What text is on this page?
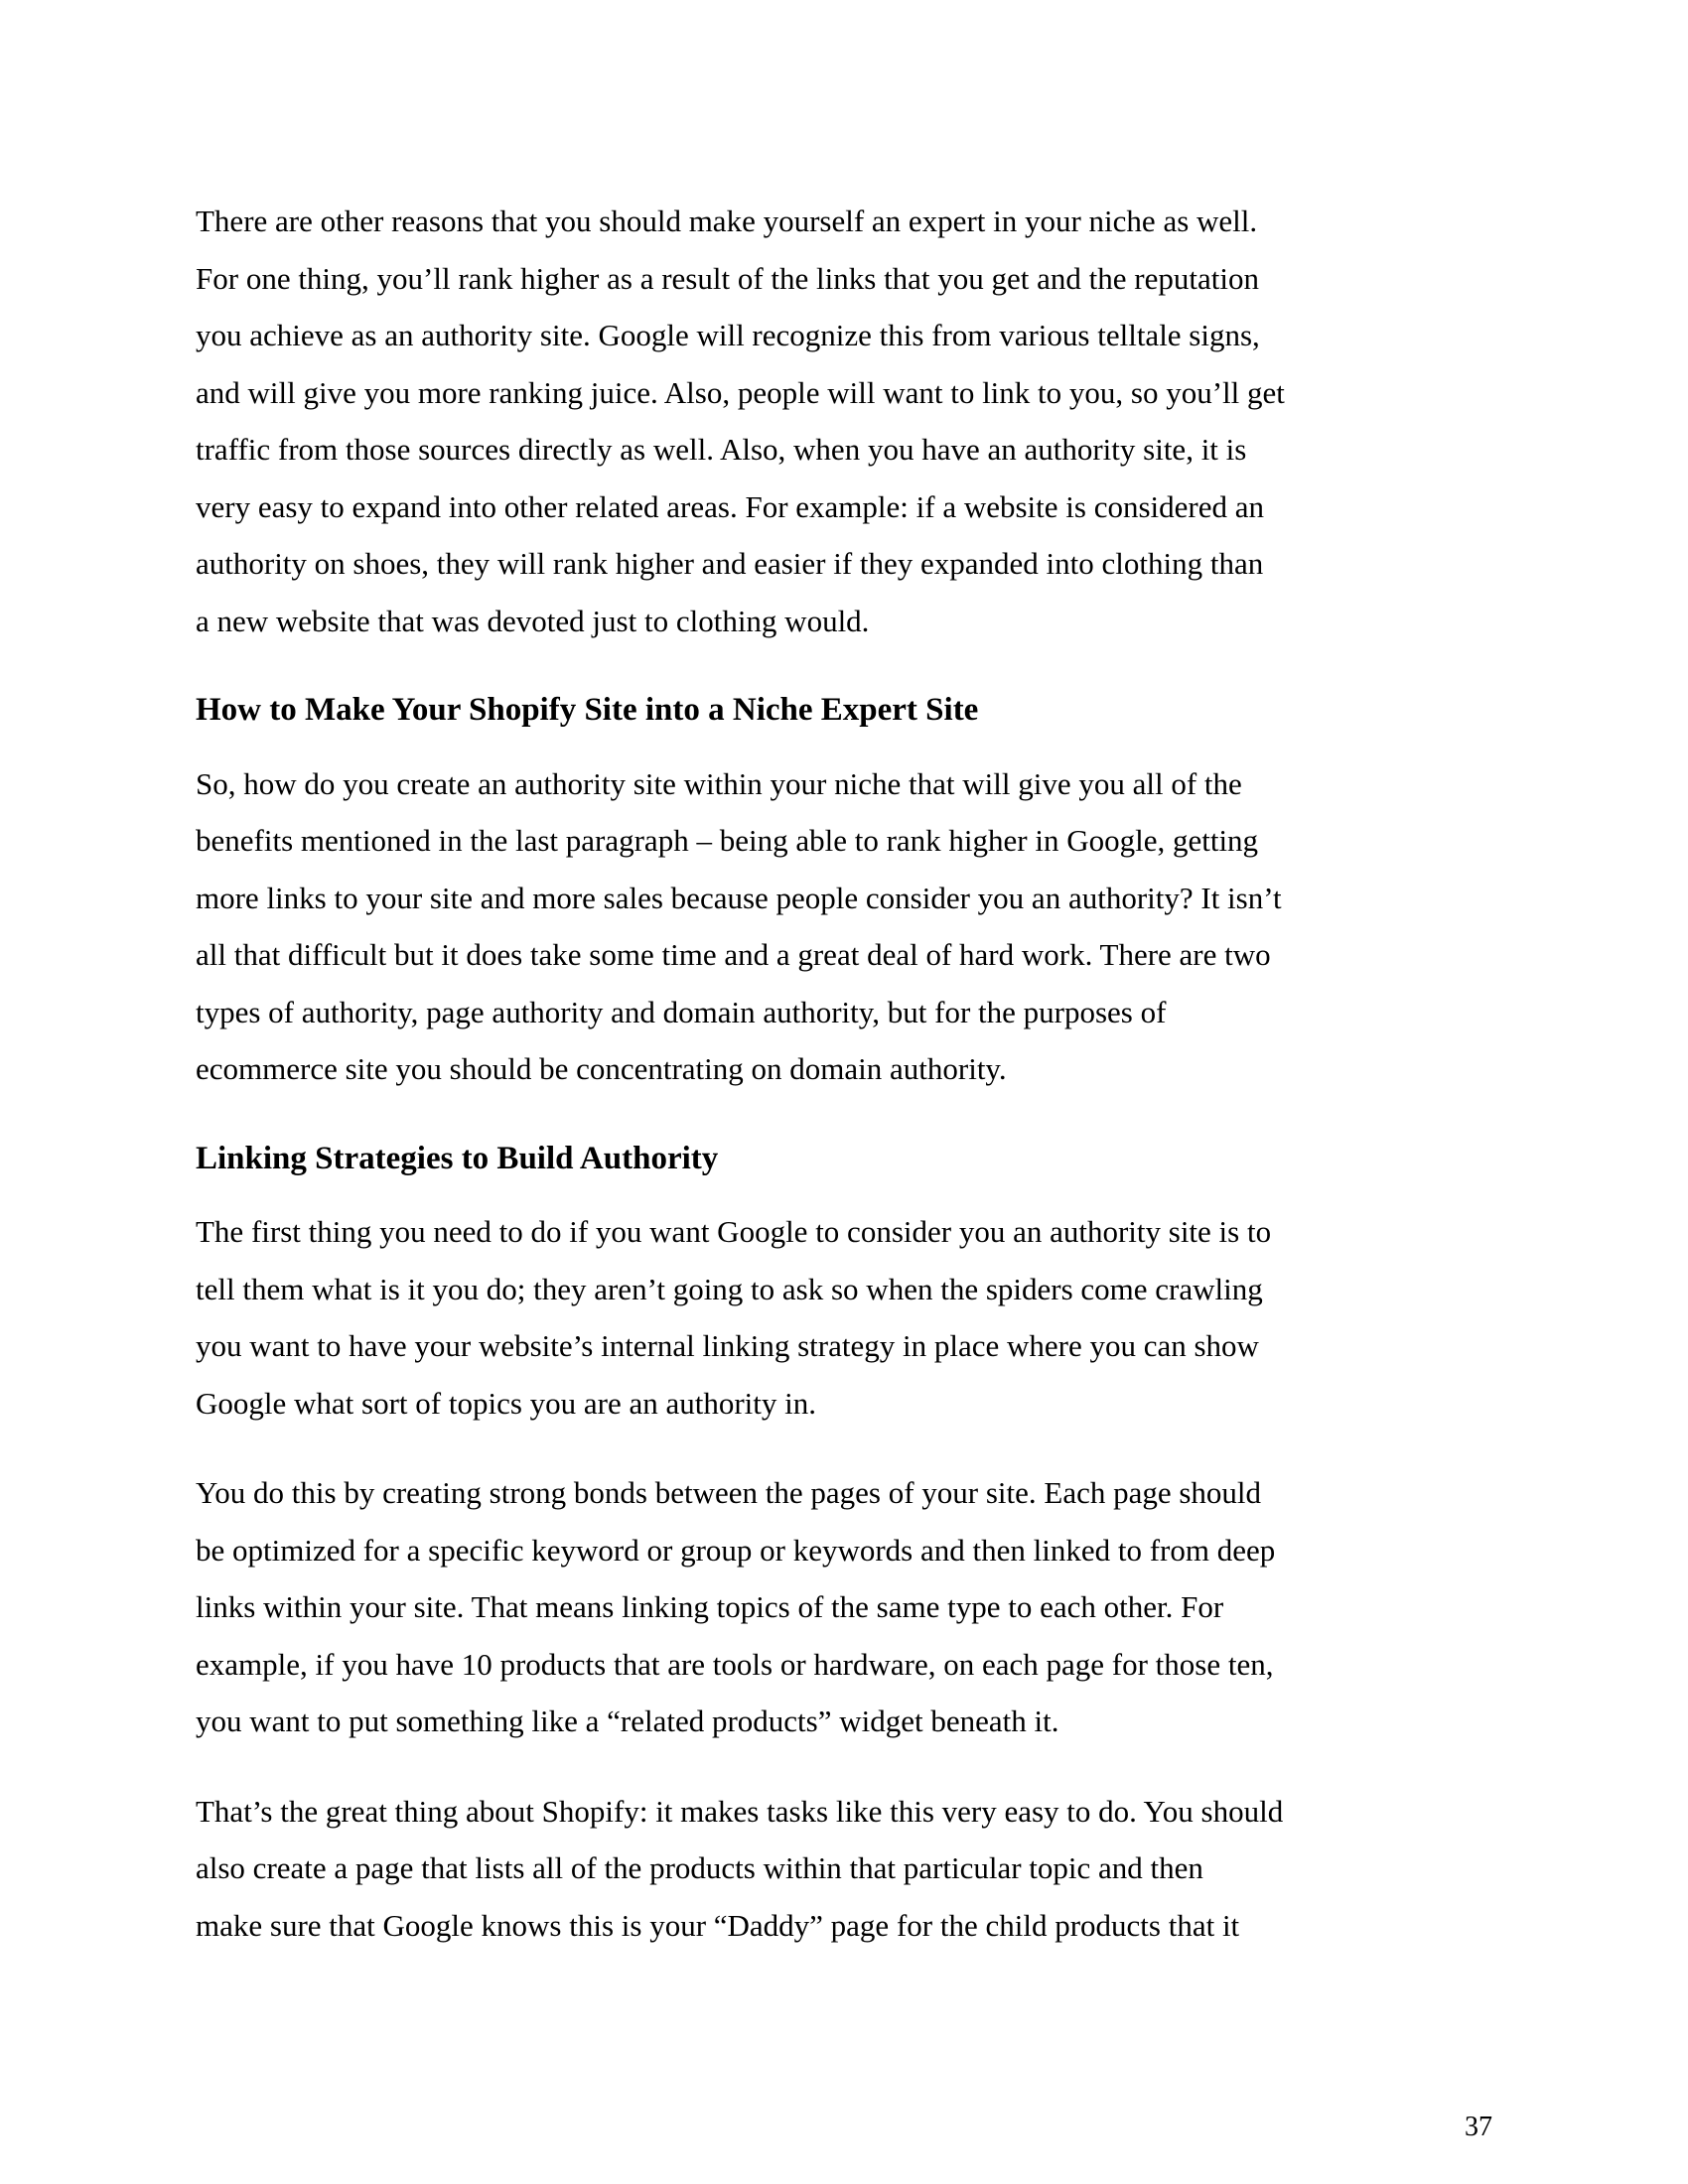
There are other reasons that you should make yourself an expert in your niche as well.
For one thing, you’ll rank higher as a result of the links that you get and the reputation
you achieve as an authority site. Google will recognize this from various telltale signs,
and will give you more ranking juice. Also, people will want to link to you, so you’ll get
traffic from those sources directly as well. Also, when you have an authority site, it is
very easy to expand into other related areas. For example: if a website is considered an
authority on shoes, they will rank higher and easier if they expanded into clothing than
a new website that was devoted just to clothing would.

How to Make Your Shopify Site into a Niche Expert Site

So, how do you create an authority site within your niche that will give you all of the
benefits mentioned in the last paragraph – being able to rank higher in Google, getting
more links to your site and more sales because people consider you an authority? It isn’t
all that difficult but it does take some time and a great deal of hard work. There are two
types of authority, page authority and domain authority, but for the purposes of
ecommerce site you should be concentrating on domain authority.

Linking Strategies to Build Authority

The first thing you need to do if you want Google to consider you an authority site is to
tell them what is it you do; they aren’t going to ask so when the spiders come crawling
you want to have your website’s internal linking strategy in place where you can show
Google what sort of topics you are an authority in.

You do this by creating strong bonds between the pages of your site. Each page should
be optimized for a specific keyword or group or keywords and then linked to from deep
links within your site. That means linking topics of the same type to each other. For
example, if you have 10 products that are tools or hardware, on each page for those ten,
you want to put something like a “related products” widget beneath it.

That’s the great thing about Shopify: it makes tasks like this very easy to do. You should
also create a page that lists all of the products within that particular topic and then
make sure that Google knows this is your “Daddy” page for the child products that it

37
